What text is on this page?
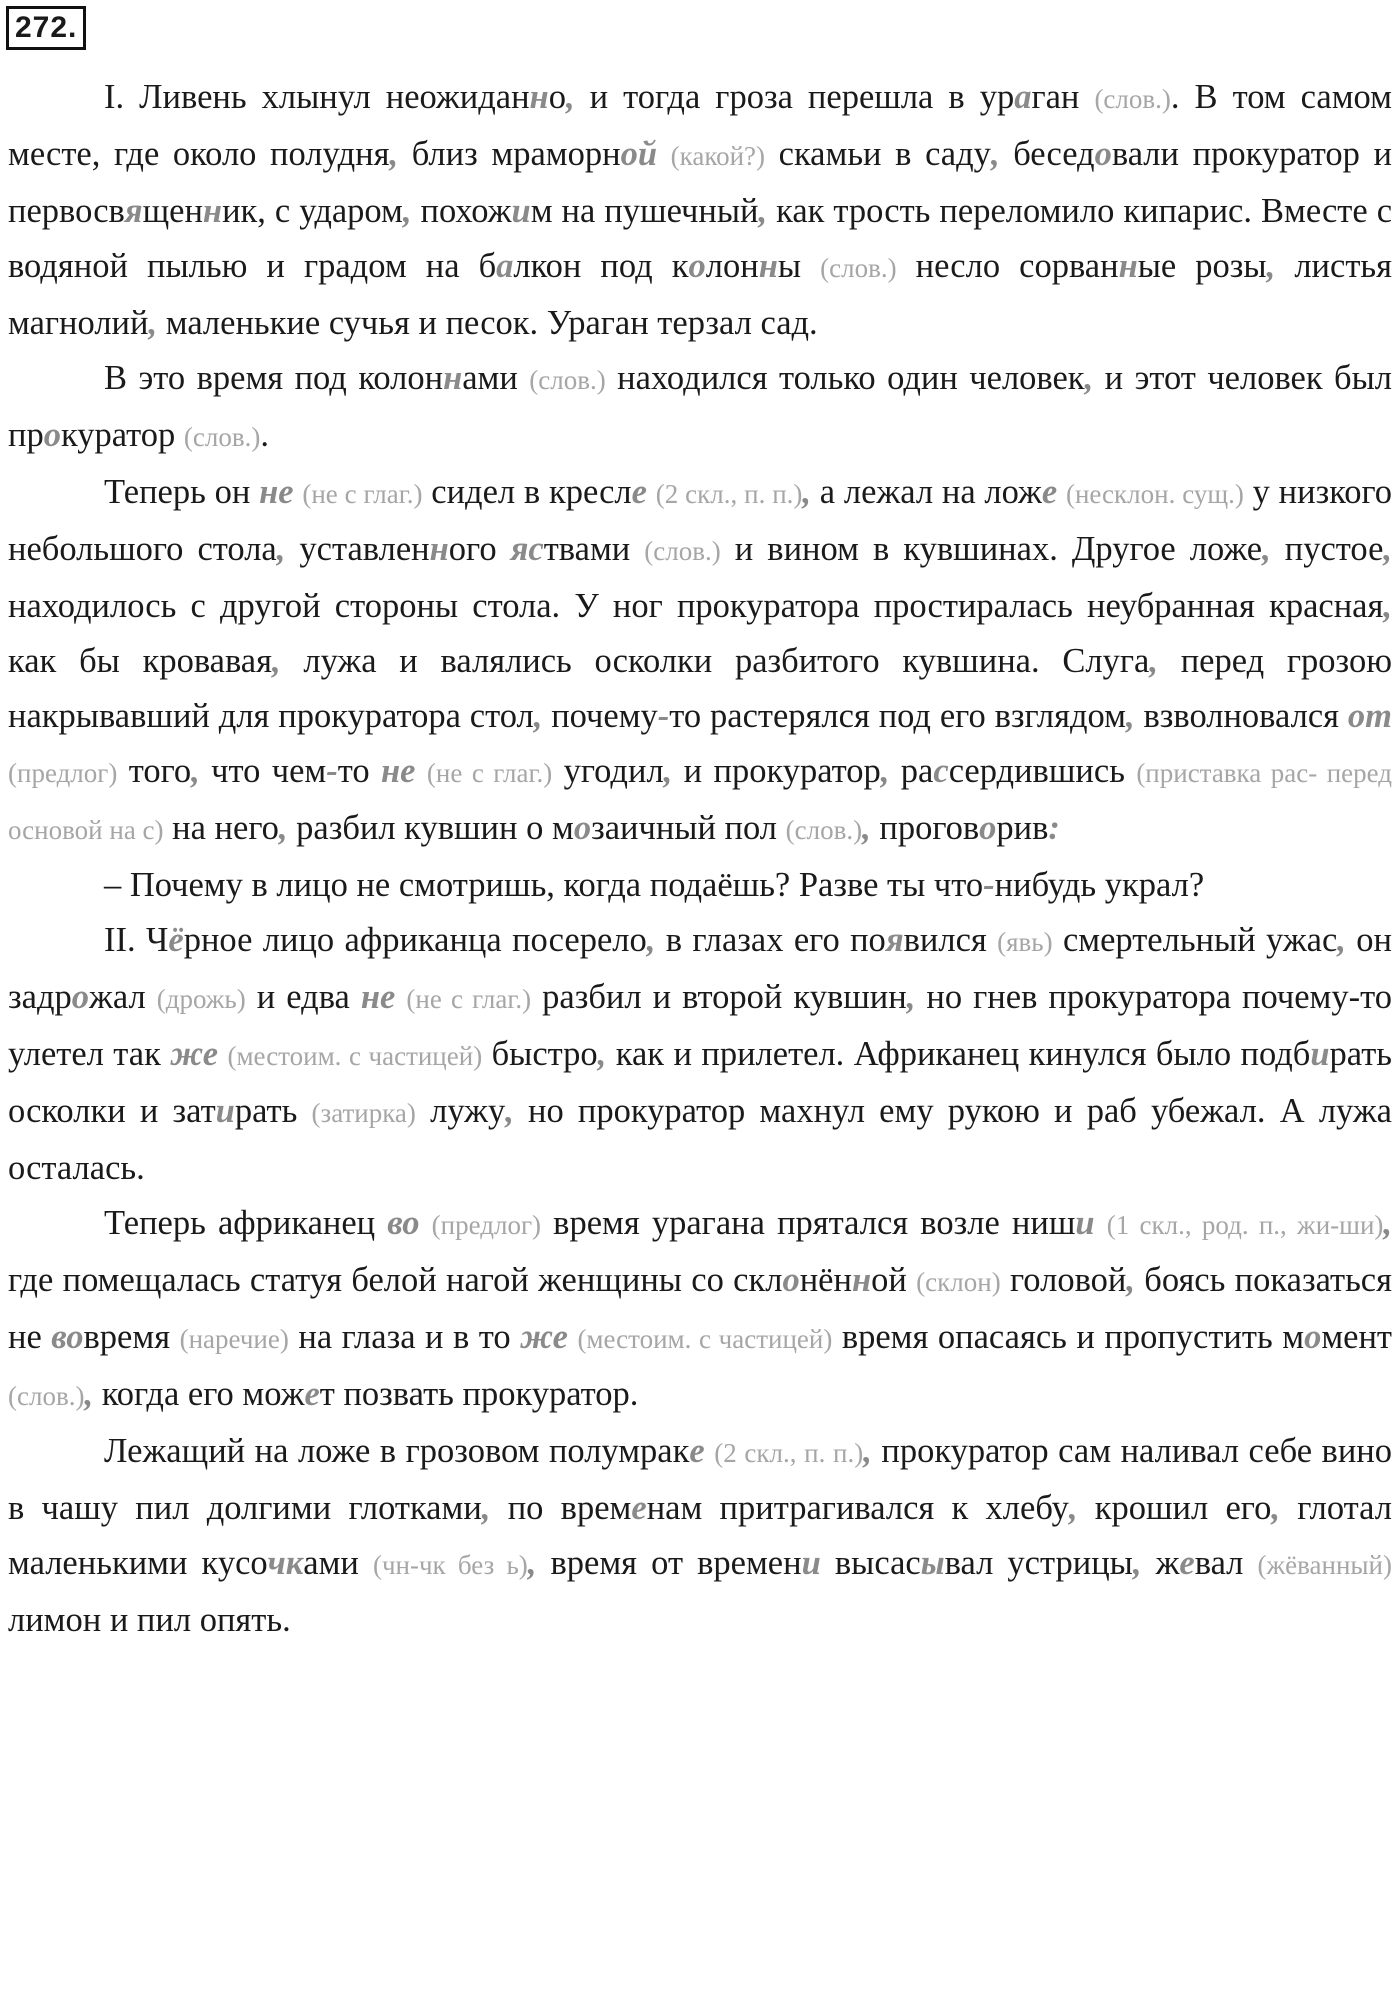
272.

I. Ливень хлынул неожиданно, и тогда гроза перешла в ураган (слов.). В том самом месте, где около полудня, близ мраморной (какой?) скамьи в саду, беседовали прокуратор и первосвященник, с ударом, похожим на пушечный, как трость переломило кипарис. Вместе с водяной пылью и градом на балкон под колонны (слов.) несло сорванные розы, листья магнолий, маленькие сучья и песок. Ураган терзал сад.

В это время под колоннами (слов.) находился только один человек, и этот человек был прокуратор (слов.).

Теперь он не (не с глаг.) сидел в кресле (2 скл., п. п.), а лежал на ложе (несклон. сущ.) у низкого небольшого стола, уставленного яствами (слов.) и вином в кувшинах. Другое ложе, пустое, находилось с другой стороны стола. У ног прокуратора простиралась неубранная красная, как бы кровавая, лужа и валялись осколки разбитого кувшина. Слуга, перед грозою накрывавший для прокуратора стол, почему-то растерялся под его взглядом, взволновался от (предлог) того, что чем-то не (не с глаг.) угодил, и прокуратор, рассердившись (приставка рас- перед основой на с) на него, разбил кувшин о мозаичный пол (слов.), проговорив:

– Почему в лицо не смотришь, когда подаёшь? Разве ты что-нибудь украл?

II. Чёрное лицо африканца посерело, в глазах его появился (явь) смертельный ужас, он задрожал (дрожь) и едва не (не с глаг.) разбил и второй кувшин, но гнев прокуратора почему-то улетел так же (местоим. с частицей) быстро, как и прилетел. Африканец кинулся было подбирать осколки и затирать (затирка) лужу, но прокуратор махнул ему рукою и раб убежал. А лужа осталась.

Теперь африканец во (предлог) время урагана прятался возле ниши (1 скл., род. п., жи-ши), где помещалась статуя белой нагой женщины со склонённой (склон) головой, боясь показаться не вовремя (наречие) на глаза и в то же (местоим. с частицей) время опасаясь и пропустить момент (слов.), когда его может позвать прокуратор.

Лежащий на ложе в грозовом полумраке (2 скл., п. п.), прокуратор сам наливал себе вино в чашу пил долгими глотками, по временам притрагивался к хлебу, крошил его, глотал маленькими кусочками (чн-чк без ь), время от времени высасывал устрицы, жевал (жёванный) лимон и пил опять.
